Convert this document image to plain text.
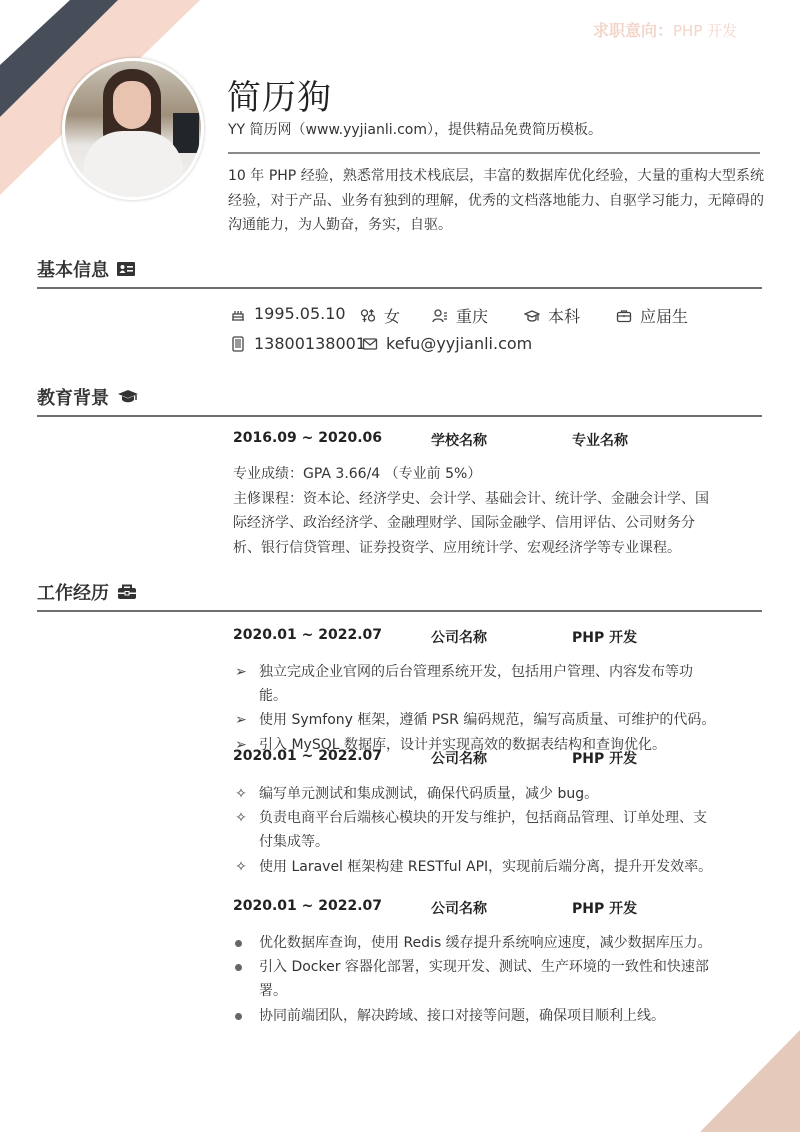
求职意向：PHP 开发
简历狗
YY 简历网（www.yyjianli.com），提供精品免费简历模板。
10 年 PHP 经验，熟悉常用技术栈底层，丰富的数据库优化经验，大量的重构大型系统经验，对于产品、业务有独到的理解，优秀的文档落地能力、自驱学习能力，无障碍的沟通能力，为人勤奋，务实，自驱。
基本信息
1995.05.10 女	重庆	本科	应届生
13800138001 kefu@yyjianli.com
教育背景
2016.09 ~ 2020.06	学校名称	专业名称
专业成绩：GPA 3.66/4 （专业前 5%）
主修课程：资本论、经济学史、会计学、基础会计、统计学、金融会计学、国际经济学、政治经济学、金融理财学、国际金融学、信用评估、公司财务分析、银行信贷管理、证券投资学、应用统计学、宏观经济学等专业课程。
工作经历
2020.01 ~ 2022.07	公司名称	PHP 开发
➢ 独立完成企业官网的后台管理系统开发，包括用户管理、内容发布等功能。
➢ 使用 Symfony 框架，遵循 PSR 编码规范，编写高质量、可维护的代码。
➢ 引入 MySQL 数据库，设计并实现高效的数据表结构和查询优化。
2020.01 ~ 2022.07	公司名称	PHP 开发
✧ 编写单元测试和集成测试，确保代码质量，减少 bug。
✧ 负责电商平台后端核心模块的开发与维护，包括商品管理、订单处理、支付集成等。
✧ 使用 Laravel 框架构建 RESTful API，实现前后端分离，提升开发效率。
2020.01 ~ 2022.07	公司名称	PHP 开发
优化数据库查询，使用 Redis 缓存提升系统响应速度，减少数据库压力。
引入 Docker 容器化部署，实现开发、测试、生产环境的一致性和快速部署。
协同前端团队，解决跨域、接口对接等问题，确保项目顺利上线。
